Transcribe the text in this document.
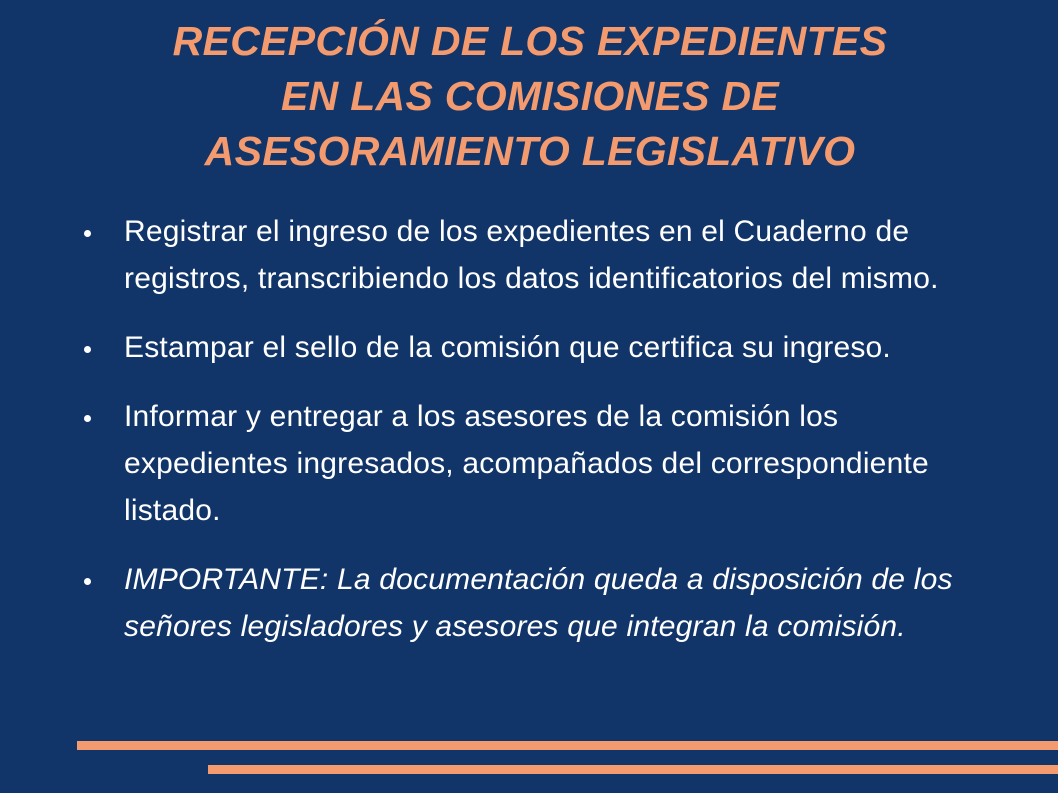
RECEPCIÓN DE LOS EXPEDIENTES
EN LAS COMISIONES DE
ASESORAMIENTO LEGISLATIVO
Registrar el ingreso de los expedientes en el Cuaderno de registros, transcribiendo los datos identificatorios del mismo.
Estampar el sello de la comisión que certifica su ingreso.
Informar y entregar a los asesores de la comisión los expedientes ingresados, acompañados del correspondiente listado.
IMPORTANTE: La documentación queda a disposición de los señores legisladores y asesores que integran la comisión.
